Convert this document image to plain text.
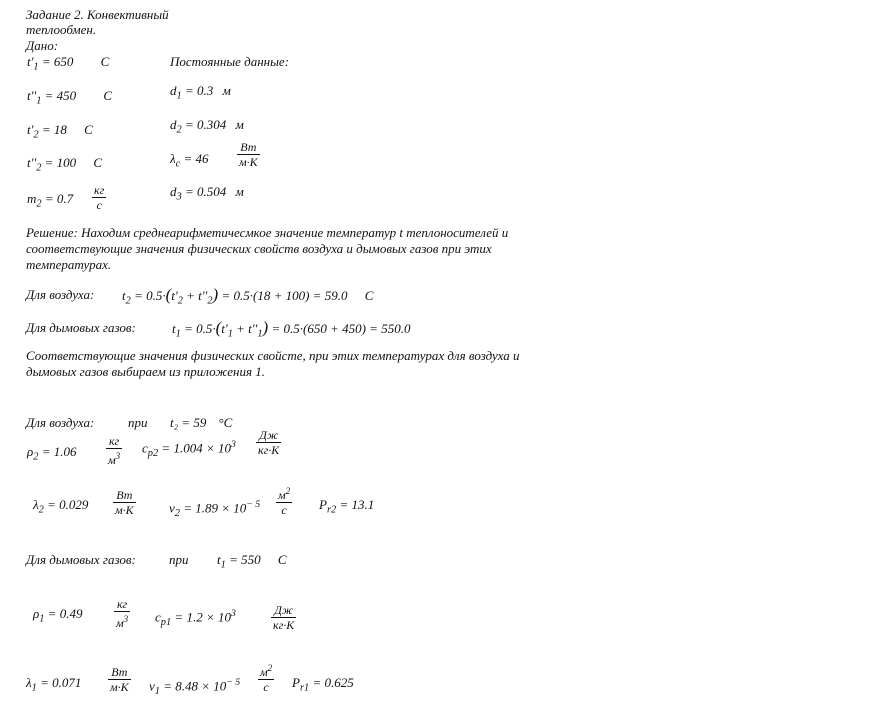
Задание 2. Конвективный
теплообмен.
Дано:
$t'_1 = 650$ C
$t''_1 = 450$ C
$t'_2 = 18$ C
$t''_2 = 100$ C
$m_2 = 0.7$
кг
с
Постоянные данные:
$d_1 = 0.3$ м
$d_2 = 0.304$ м
$\lambda_c = 46$
Вт
м·K
$d_3 = 0.504$ м
Решение: Находим среднеарифметичесмкое значение температур t теплоносителей и
соответствующие значения физических свойств воздуха и дымовых газов при этих
температурах.
Для воздуха: $t_2 = 0.5\cdot(t'_2 + t''_2) = 0.5\cdot(18 + 100) = 59.0$ C
Для дымовых газов:	$t_1 = 0.5\cdot(t'_1 + t''_1) = 0.5\cdot(650 + 450) = 550.0$
Соответствующие значения физических свойсте, при этих температурах для воздуха и
дымовых газов выбираем из приложения 1.
Для воздуха:	при t₂ = 59 °C
$\rho_2 = 1.06$
кг
$м^3$
$c_{p2} = 1.004 \times 10^3$
Дж
кг·K
$\lambda_2 = 0.029$
Вт
м·K	$\nu_2 = 1.89 \times 10^{- 5}$
$м^2$
с	$P_{r2} = 13.1$
Для дымовых газов:	при $t_1 = 550$ C
$\rho_1 = 0.49$
кг
$м^3$ $c_{p1} = 1.2 \times 10^3$	Дж
кг·K
$\lambda_1 = 0.071$
Вт
м·K $\nu_1 = 8.48 \times 10^{- 5}$
$м^2$
с	$P_{r1} = 0.625$
